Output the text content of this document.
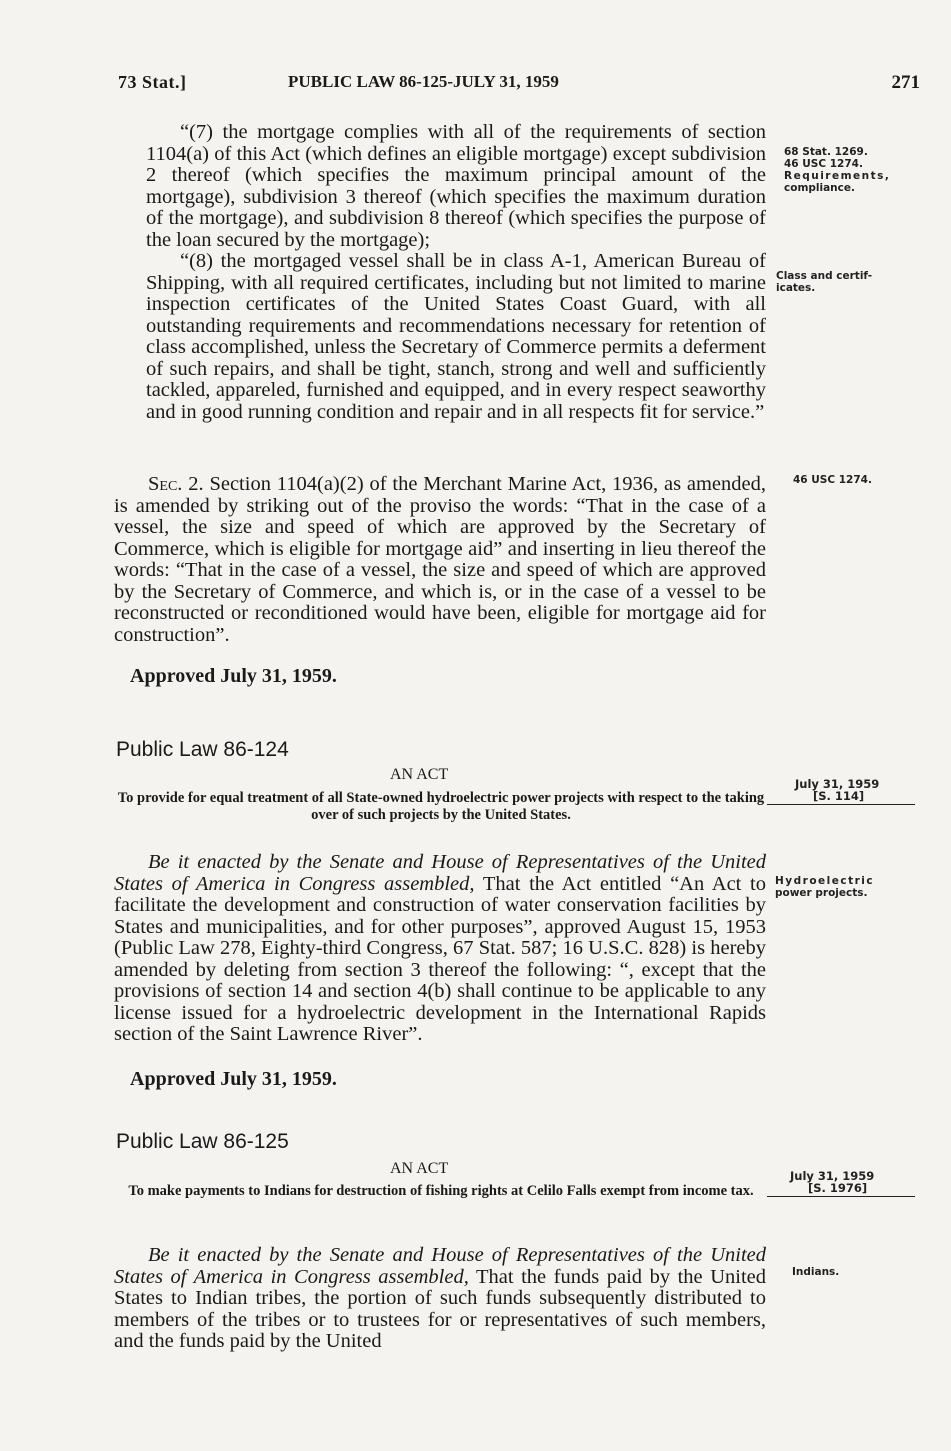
73 Stat.]	PUBLIC LAW 86-125-JULY 31, 1959	271

“(7) the mortgage complies with all of the requirements of section 1104(a) of this Act (which defines an eligible mortgage) except subdivision 2 thereof (which specifies the maximum principal amount of the mortgage), subdivision 3 thereof (which specifies the maximum duration of the mortgage), and subdivision 8 thereof (which specifies the purpose of the loan secured by the mortgage);

“(8) the mortgaged vessel shall be in class A-1, American Bureau of Shipping, with all required certificates, including but not limited to marine inspection certificates of the United States Coast Guard, with all outstanding requirements and recommendations necessary for retention of class accomplished, unless the Secretary of Commerce permits a deferment of such repairs, and shall be tight, stanch, strong and well and sufficiently tackled, appareled, furnished and equipped, and in every respect seaworthy and in good running condition and repair and in all respects fit for service.”

Sec. 2. Section 1104(a)(2) of the Merchant Marine Act, 1936, as amended, is amended by striking out of the proviso the words: “That in the case of a vessel, the size and speed of which are approved by the Secretary of Commerce, which is eligible for mortgage aid” and inserting in lieu thereof the words: “That in the case of a vessel, the size and speed of which are approved by the Secretary of Commerce, and which is, or in the case of a vessel to be reconstructed or reconditioned would have been, eligible for mortgage aid for construction”.

Approved July 31, 1959.
Public Law 86-124
AN ACT

To provide for equal treatment of all State-owned hydroelectric power projects with respect to the taking over of such projects by the United States.

Be it enacted by the Senate and House of Representatives of the United States of America in Congress assembled, That the Act entitled “An Act to facilitate the development and construction of water conservation facilities by States and municipalities, and for other purposes”, approved August 15, 1953 (Public Law 278, Eighty-third Congress, 67 Stat. 587; 16 U.S.C. 828) is hereby amended by deleting from section 3 thereof the following: “, except that the provisions of section 14 and section 4(b) shall continue to be applicable to any license issued for a hydroelectric development in the International Rapids section of the Saint Lawrence River”.

Approved July 31, 1959.
Public Law 86-125
AN ACT

To make payments to Indians for destruction of fishing rights at Celilo Falls exempt from income tax.

Be it enacted by the Senate and House of Representatives of the United States of America in Congress assembled, That the funds paid by the United States to Indian tribes, the portion of such funds subsequently distributed to members of the tribes or to trustees for or representatives of such members, and the funds paid by the United

68 Stat. 1269.
46 USC 1274.
Requirements,
compliance.
Class and certif-
icates.
46 USC 1274.
July 31, 1959
[S. 114]
Hydroelectric
power projects.
July 31, 1959
[S. 1976]
Indians.
